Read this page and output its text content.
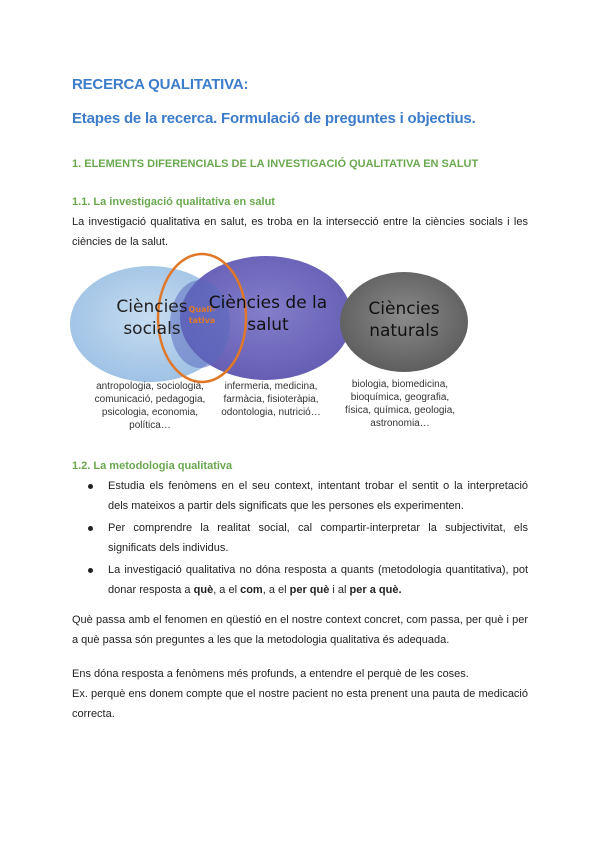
RECERCA QUALITATIVA:
Etapes de la recerca. Formulació de preguntes i objectius.
1. ELEMENTS DIFERENCIALS DE LA INVESTIGACIÓ QUALITATIVA EN SALUT
1.1. La investigació qualitativa en salut
La investigació qualitativa en salut, es troba en la intersecció entre la ciències socials i les ciències de la salut.
Ciències
socials
Ciències de la
salut
Ciències
naturals
Quali-
tativa
antropologia, sociologia, comunicació, pedagogia, psicologia, economia, política…
infermeria, medicina, farmàcia, fisioteràpia, odontologia, nutrició…
biologia, biomedicina, bioquímica, geografia, física, química, geologia, astronomia…
1.2. La metodologia qualitativa
Estudia els fenòmens en el seu context, intentant trobar el sentit o la interpretació dels mateixos a partir dels significats que les persones els experimenten.
Per comprendre la realitat social, cal compartir-interpretar la subjectivitat, els significats dels individus.
La investigació qualitativa no dóna resposta a quants (metodologia quantitativa), pot donar resposta a què, a el com, a el per què i al per a què.
Què passa amb el fenomen en qüestió en el nostre context concret, com passa, per què i per a què passa són preguntes a les que la metodologia qualitativa és adequada.
Ens dóna resposta a fenòmens més profunds, a entendre el perquè de les coses.
Ex. perquè ens donem compte que el nostre pacient no esta prenent una pauta de medicació correcta.
